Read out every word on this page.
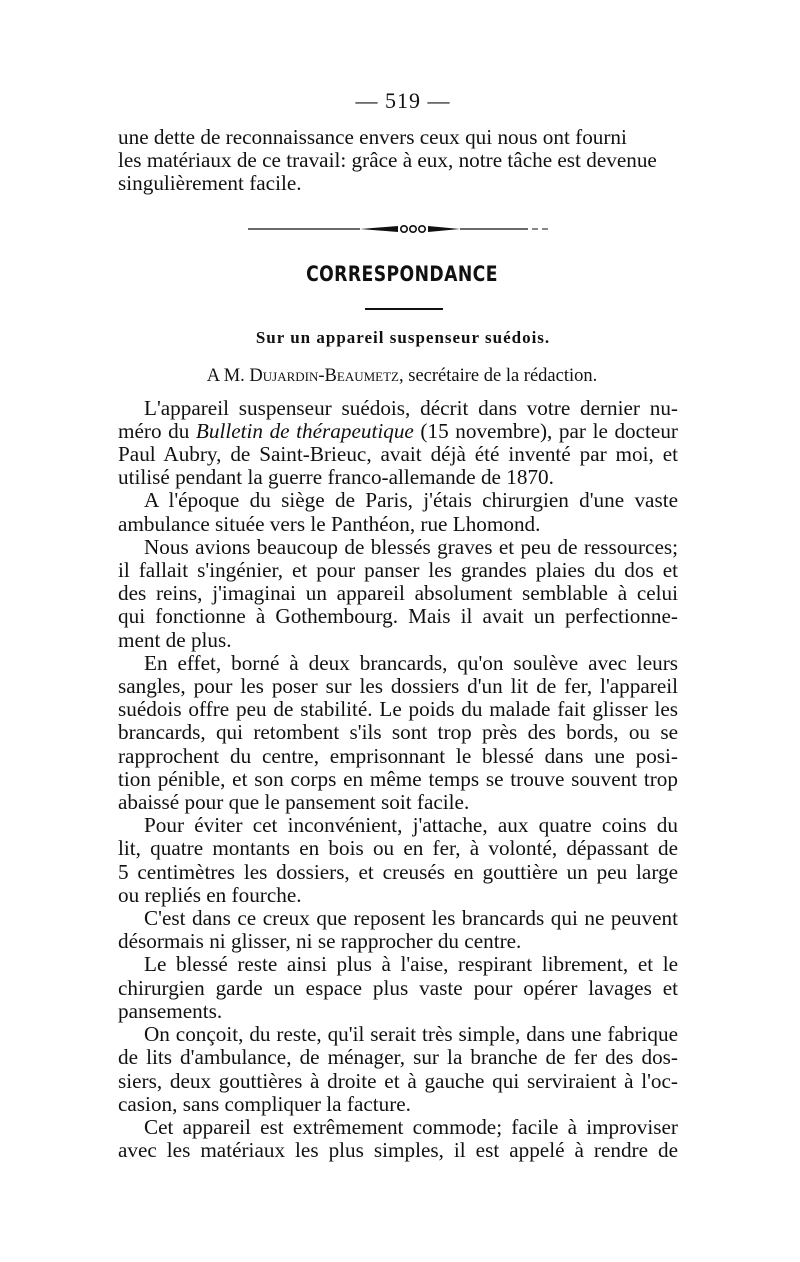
— 519 —

une dette de reconnaissance envers ceux qui nous ont fourni
les matériaux de ce travail: grâce à eux, notre tâche est devenue
singulièrement facile.

CORRESPONDANCE
Sur un appareil suspenseur suédois.
A M. Dujardin-Beaumetz, secrétaire de la rédaction.

L'appareil suspenseur suédois, décrit dans votre dernier nu-
méro du Bulletin de thérapeutique (15 novembre), par le docteur
Paul Aubry, de Saint-Brieuc, avait déjà été inventé par moi, et
utilisé pendant la guerre franco-allemande de 1870.

A l'époque du siège de Paris, j'étais chirurgien d'une vaste
ambulance située vers le Panthéon, rue Lhomond.

Nous avions beaucoup de blessés graves et peu de ressources;
il fallait s'ingénier, et pour panser les grandes plaies du dos et
des reins, j'imaginai un appareil absolument semblable à celui
qui fonctionne à Gothembourg. Mais il avait un perfectionne-
ment de plus.

En effet, borné à deux brancards, qu'on soulève avec leurs
sangles, pour les poser sur les dossiers d'un lit de fer, l'appareil
suédois offre peu de stabilité. Le poids du malade fait glisser les
brancards, qui retombent s'ils sont trop près des bords, ou se
rapprochent du centre, emprisonnant le blessé dans une posi-
tion pénible, et son corps en même temps se trouve souvent trop
abaissé pour que le pansement soit facile.

Pour éviter cet inconvénient, j'attache, aux quatre coins du
lit, quatre montants en bois ou en fer, à volonté, dépassant de
5 centimètres les dossiers, et creusés en gouttière un peu large
ou repliés en fourche.

C'est dans ce creux que reposent les brancards qui ne peuvent
désormais ni glisser, ni se rapprocher du centre.

Le blessé reste ainsi plus à l'aise, respirant librement, et le
chirurgien garde un espace plus vaste pour opérer lavages et
pansements.

On conçoit, du reste, qu'il serait très simple, dans une fabrique
de lits d'ambulance, de ménager, sur la branche de fer des dos-
siers, deux gouttières à droite et à gauche qui serviraient à l'oc-
casion, sans compliquer la facture.

Cet appareil est extrêmement commode; facile à improviser
avec les matériaux les plus simples, il est appelé à rendre de
